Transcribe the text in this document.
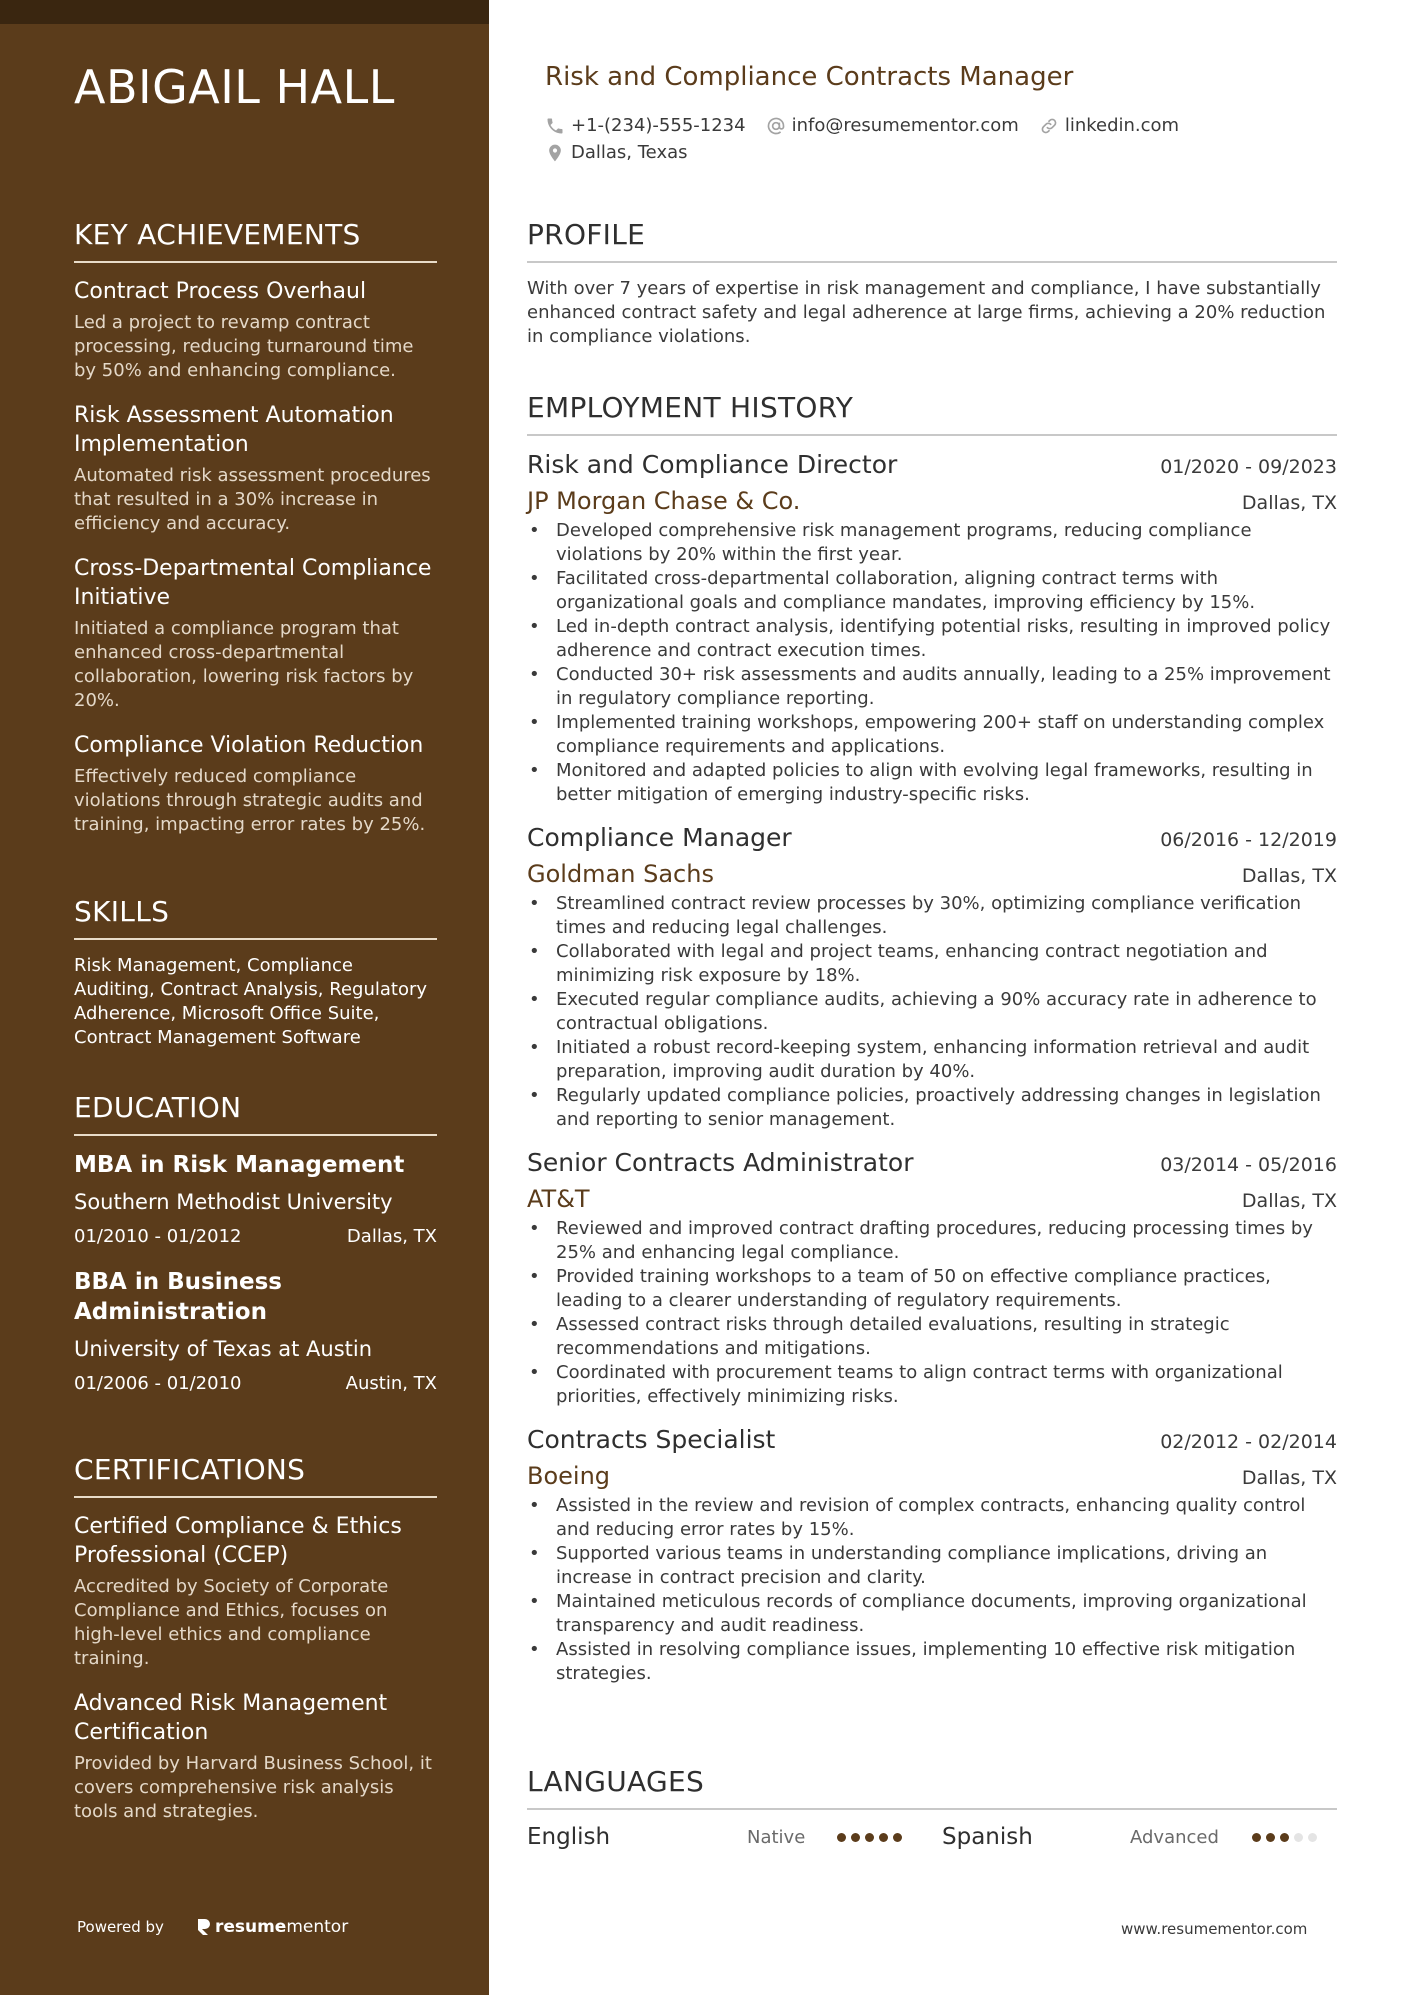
ABIGAIL HALL
KEY ACHIEVEMENTS
Contract Process Overhaul
Led a project to revamp contract processing, reducing turnaround time by 50% and enhancing compliance.
Risk Assessment Automation Implementation
Automated risk assessment procedures that resulted in a 30% increase in efficiency and accuracy.
Cross-Departmental Compliance Initiative
Initiated a compliance program that enhanced cross-departmental collaboration, lowering risk factors by 20%.
Compliance Violation Reduction
Effectively reduced compliance violations through strategic audits and training, impacting error rates by 25%.
SKILLS
Risk Management, Compliance Auditing, Contract Analysis, Regulatory Adherence, Microsoft Office Suite, Contract Management Software
EDUCATION
MBA in Risk Management
Southern Methodist University
01/2010 - 01/2012	Dallas, TX
BBA in Business Administration
University of Texas at Austin
01/2006 - 01/2010	Austin, TX
CERTIFICATIONS
Certified Compliance & Ethics Professional (CCEP)
Accredited by Society of Corporate Compliance and Ethics, focuses on high-level ethics and compliance training.
Advanced Risk Management Certification
Provided by Harvard Business School, it covers comprehensive risk analysis tools and strategies.
Powered by	resume mentor
Risk and Compliance Contracts Manager
+1-(234)-555-1234	info@resumementor.com	linkedin.com
Dallas, Texas
PROFILE
With over 7 years of expertise in risk management and compliance, I have substantially enhanced contract safety and legal adherence at large firms, achieving a 20% reduction in compliance violations.
EMPLOYMENT HISTORY
Risk and Compliance Director	01/2020 - 09/2023
JP Morgan Chase & Co.	Dallas, TX
• Developed comprehensive risk management programs, reducing compliance violations by 20% within the first year.
• Facilitated cross-departmental collaboration, aligning contract terms with organizational goals and compliance mandates, improving efficiency by 15%.
• Led in-depth contract analysis, identifying potential risks, resulting in improved policy adherence and contract execution times.
• Conducted 30+ risk assessments and audits annually, leading to a 25% improvement in regulatory compliance reporting.
• Implemented training workshops, empowering 200+ staff on understanding complex compliance requirements and applications.
• Monitored and adapted policies to align with evolving legal frameworks, resulting in better mitigation of emerging industry-specific risks.
Compliance Manager	06/2016 - 12/2019
Goldman Sachs	Dallas, TX
• Streamlined contract review processes by 30%, optimizing compliance verification times and reducing legal challenges.
• Collaborated with legal and project teams, enhancing contract negotiation and minimizing risk exposure by 18%.
• Executed regular compliance audits, achieving a 90% accuracy rate in adherence to contractual obligations.
• Initiated a robust record-keeping system, enhancing information retrieval and audit preparation, improving audit duration by 40%.
• Regularly updated compliance policies, proactively addressing changes in legislation and reporting to senior management.
Senior Contracts Administrator	03/2014 - 05/2016
AT&T	Dallas, TX
• Reviewed and improved contract drafting procedures, reducing processing times by 25% and enhancing legal compliance.
• Provided training workshops to a team of 50 on effective compliance practices, leading to a clearer understanding of regulatory requirements.
• Assessed contract risks through detailed evaluations, resulting in strategic recommendations and mitigations.
• Coordinated with procurement teams to align contract terms with organizational priorities, effectively minimizing risks.
Contracts Specialist	02/2012 - 02/2014
Boeing	Dallas, TX
• Assisted in the review and revision of complex contracts, enhancing quality control and reducing error rates by 15%.
• Supported various teams in understanding compliance implications, driving an increase in contract precision and clarity.
• Maintained meticulous records of compliance documents, improving organizational transparency and audit readiness.
• Assisted in resolving compliance issues, implementing 10 effective risk mitigation strategies.
LANGUAGES
English	Native	Spanish	Advanced
www.resumementor.com
